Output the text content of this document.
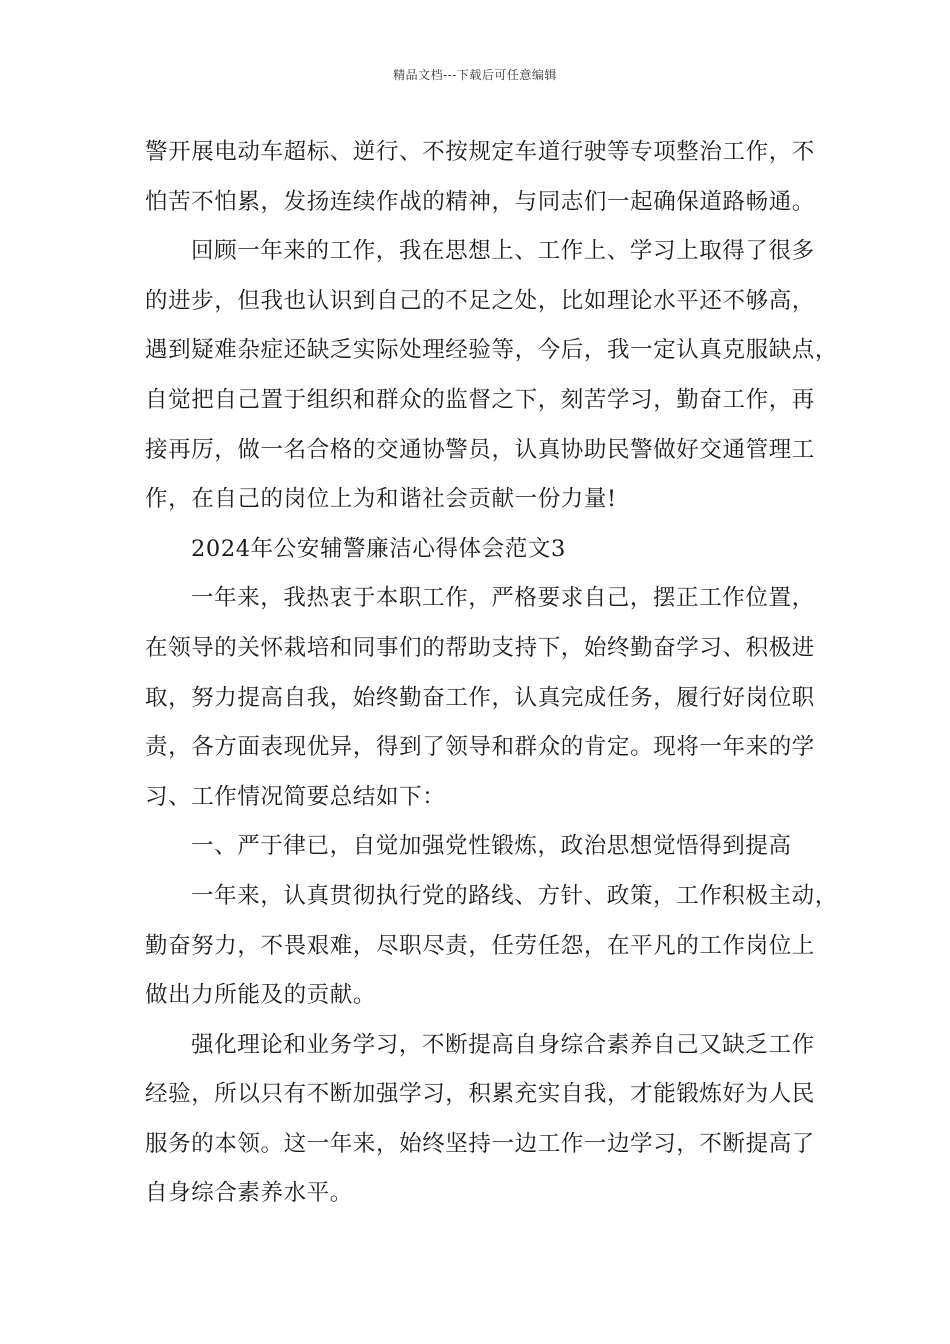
精品文档---下载后可任意编辑
警开展电动车超标、逆行、不按规定车道行驶等专项整治工作，不
怕苦不怕累，发扬连续作战的精神，与同志们一起确保道路畅通。
回顾一年来的工作，我在思想上、工作上、学习上取得了很多
的进步，但我也认识到自己的不足之处，比如理论水平还不够高，
遇到疑难杂症还缺乏实际处理经验等，今后，我一定认真克服缺点，
自觉把自己置于组织和群众的监督之下，刻苦学习，勤奋工作，再
接再厉，做一名合格的交通协警员，认真协助民警做好交通管理工
作，在自己的岗位上为和谐社会贡献一份力量!
2024年公安辅警廉洁心得体会范文3
一年来，我热衷于本职工作，严格要求自己，摆正工作位置，
在领导的关怀栽培和同事们的帮助支持下，始终勤奋学习、积极进
取，努力提高自我，始终勤奋工作，认真完成任务，履行好岗位职
责，各方面表现优异，得到了领导和群众的肯定。现将一年来的学
习、工作情况简要总结如下：
一、严于律已，自觉加强党性锻炼，政治思想觉悟得到提高
一年来，认真贯彻执行党的路线、方针、政策，工作积极主动，
勤奋努力，不畏艰难，尽职尽责，任劳任怨，在平凡的工作岗位上
做出力所能及的贡献。
强化理论和业务学习，不断提高自身综合素养自己又缺乏工作
经验，所以只有不断加强学习，积累充实自我，才能锻炼好为人民
服务的本领。这一年来，始终坚持一边工作一边学习，不断提高了
自身综合素养水平。
